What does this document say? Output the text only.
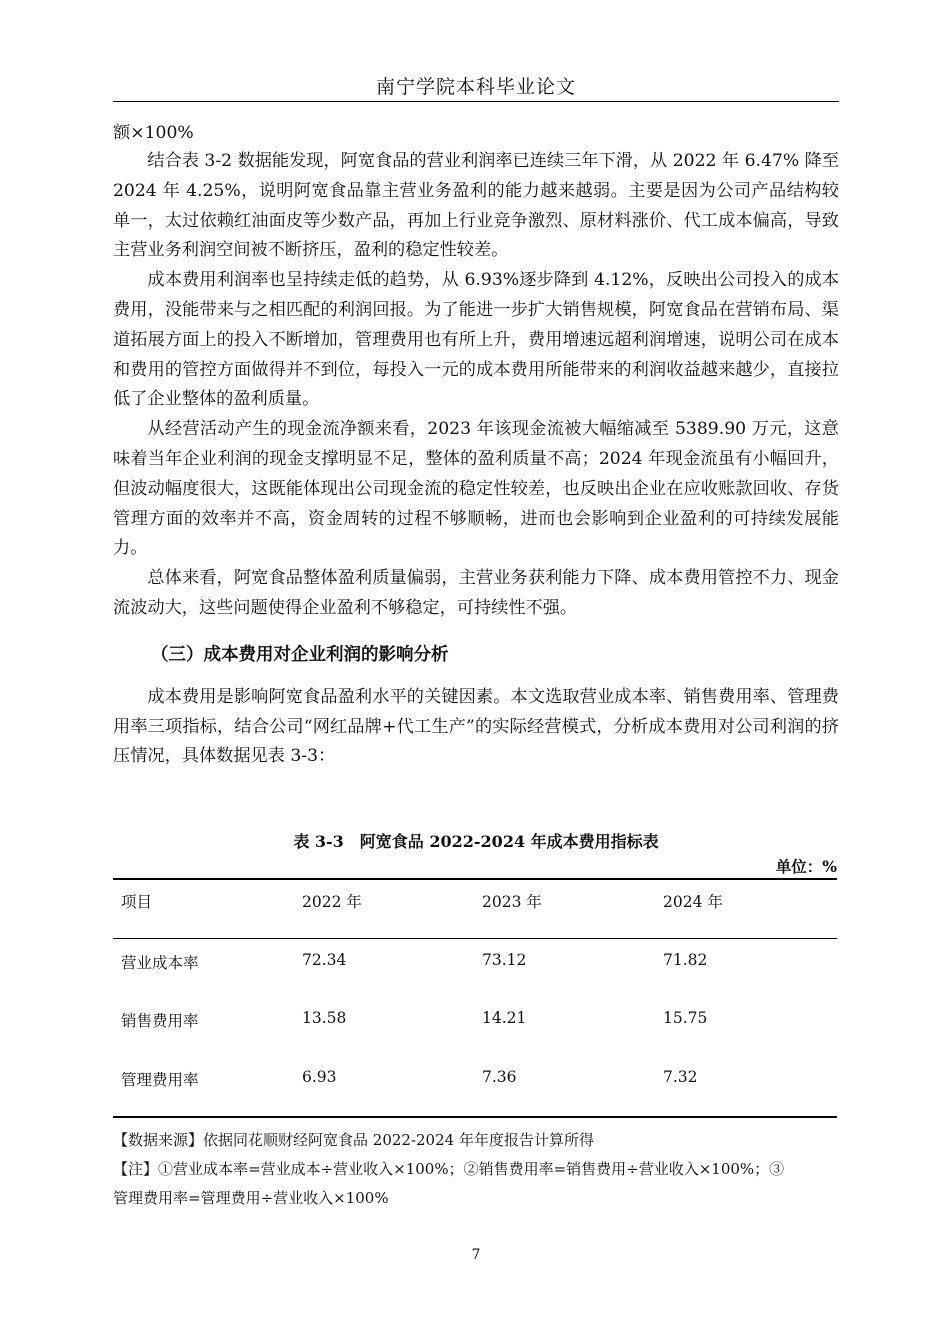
南宁学院本科毕业论文

额×100%

结合表 3-2 数据能发现，阿宽食品的营业利润率已连续三年下滑，从 2022 年 6.47% 降至 2024 年 4.25%，说明阿宽食品靠主营业务盈利的能力越来越弱。主要是因为公司产品结构较单一，太过依赖红油面皮等少数产品，再加上行业竞争激烈、原材料涨价、代工成本偏高，导致主营业务利润空间被不断挤压，盈利的稳定性较差。

成本费用利润率也呈持续走低的趋势，从 6.93%逐步降到 4.12%，反映出公司投入的成本费用，没能带来与之相匹配的利润回报。为了能进一步扩大销售规模，阿宽食品在营销布局、渠道拓展方面上的投入不断增加，管理费用也有所上升，费用增速远超利润增速，说明公司在成本和费用的管控方面做得并不到位，每投入一元的成本费用所能带来的利润收益越来越少，直接拉低了企业整体的盈利质量。

从经营活动产生的现金流净额来看，2023 年该现金流被大幅缩减至 5389.90 万元，这意味着当年企业利润的现金支撑明显不足，整体的盈利质量不高；2024 年现金流虽有小幅回升，但波动幅度很大，这既能体现出公司现金流的稳定性较差，也反映出企业在应收账款回收、存货管理方面的效率并不高，资金周转的过程不够顺畅，进而也会影响到企业盈利的可持续发展能力。

总体来看，阿宽食品整体盈利质量偏弱，主营业务获利能力下降、成本费用管控不力、现金流波动大，这些问题使得企业盈利不够稳定，可持续性不强。

（三）成本费用对企业利润的影响分析

成本费用是影响阿宽食品盈利水平的关键因素。本文选取营业成本率、销售费用率、管理费用率三项指标，结合公司“网红品牌+代工生产”的实际经营模式，分析成本费用对公司利润的挤压情况，具体数据见表 3-3：

表 3-3　阿宽食品 2022-2024 年成本费用指标表
单位：%
项目	2022 年	2023 年	2024 年
营业成本率	72.34	73.12	71.82
销售费用率	13.58	14.21	15.75
管理费用率	6.93	7.36	7.32

【数据来源】依据同花顺财经阿宽食品 2022-2024 年年度报告计算所得

【注】①营业成本率=营业成本÷营业收入×100%；②销售费用率=销售费用÷营业收入×100%；③

管理费用率=管理费用÷营业收入×100%

7
